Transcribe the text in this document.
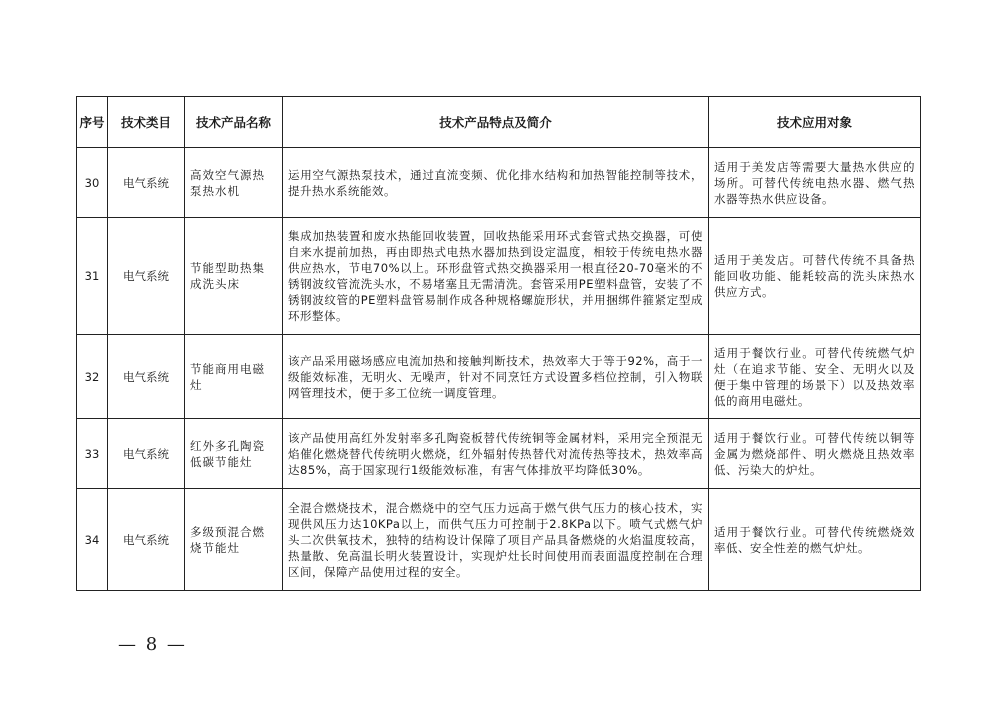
序号	技术类目	技术产品名称	技术产品特点及简介	技术应用对象
30	电气系统	高效空气源热泵热水机	运用空气源热泵技术，通过直流变频、优化排水结构和加热智能控制等技术，提升热水系统能效。	适用于美发店等需要大量热水供应的场所。可替代传统电热水器、燃气热水器等热水供应设备。
31	电气系统	节能型助热集成洗头床	集成加热装置和废水热能回收装置，回收热能采用环式套管式热交换器，可使自来水提前加热，再由即热式电热水器加热到设定温度，相较于传统电热水器供应热水，节电70%以上。环形盘管式热交换器采用一根直径20-70毫米的不锈钢波纹管流洗头水，不易堵塞且无需清洗。套管采用PE塑料盘管，安装了不锈钢波纹管的PE塑料盘管易制作成各种规格螺旋形状，并用捆绑件箍紧定型成环形整体。	适用于美发店。可替代传统不具备热能回收功能、能耗较高的洗头床热水供应方式。
32	电气系统	节能商用电磁灶	该产品采用磁场感应电流加热和接触判断技术，热效率大于等于92%，高于一级能效标准，无明火、无噪声，针对不同烹饪方式设置多档位控制，引入物联网管理技术，便于多工位统一调度管理。	适用于餐饮行业。可替代传统燃气炉灶（在追求节能、安全、无明火以及便于集中管理的场景下）以及热效率低的商用电磁灶。
33	电气系统	红外多孔陶瓷低碳节能灶	该产品使用高红外发射率多孔陶瓷板替代传统铜等金属材料，采用完全预混无焰催化燃烧替代传统明火燃烧，红外辐射传热替代对流传热等技术，热效率高达85%，高于国家现行1级能效标准，有害气体排放平均降低30%。	适用于餐饮行业。可替代传统以铜等金属为燃烧部件、明火燃烧且热效率低、污染大的炉灶。
34	电气系统	多级预混合燃烧节能灶	全混合燃烧技术，混合燃烧中的空气压力远高于燃气供气压力的核心技术，实现供风压力达10KPa以上，而供气压力可控制于2.8KPa以下。喷气式燃气炉头二次供氧技术，独特的结构设计保障了项目产品具备燃烧的火焰温度较高，热量散、免高温长明火装置设计，实现炉灶长时间使用而表面温度控制在合理区间，保障产品使用过程的安全。	适用于餐饮行业。可替代传统燃烧效率低、安全性差的燃气炉灶。
— 8 —
